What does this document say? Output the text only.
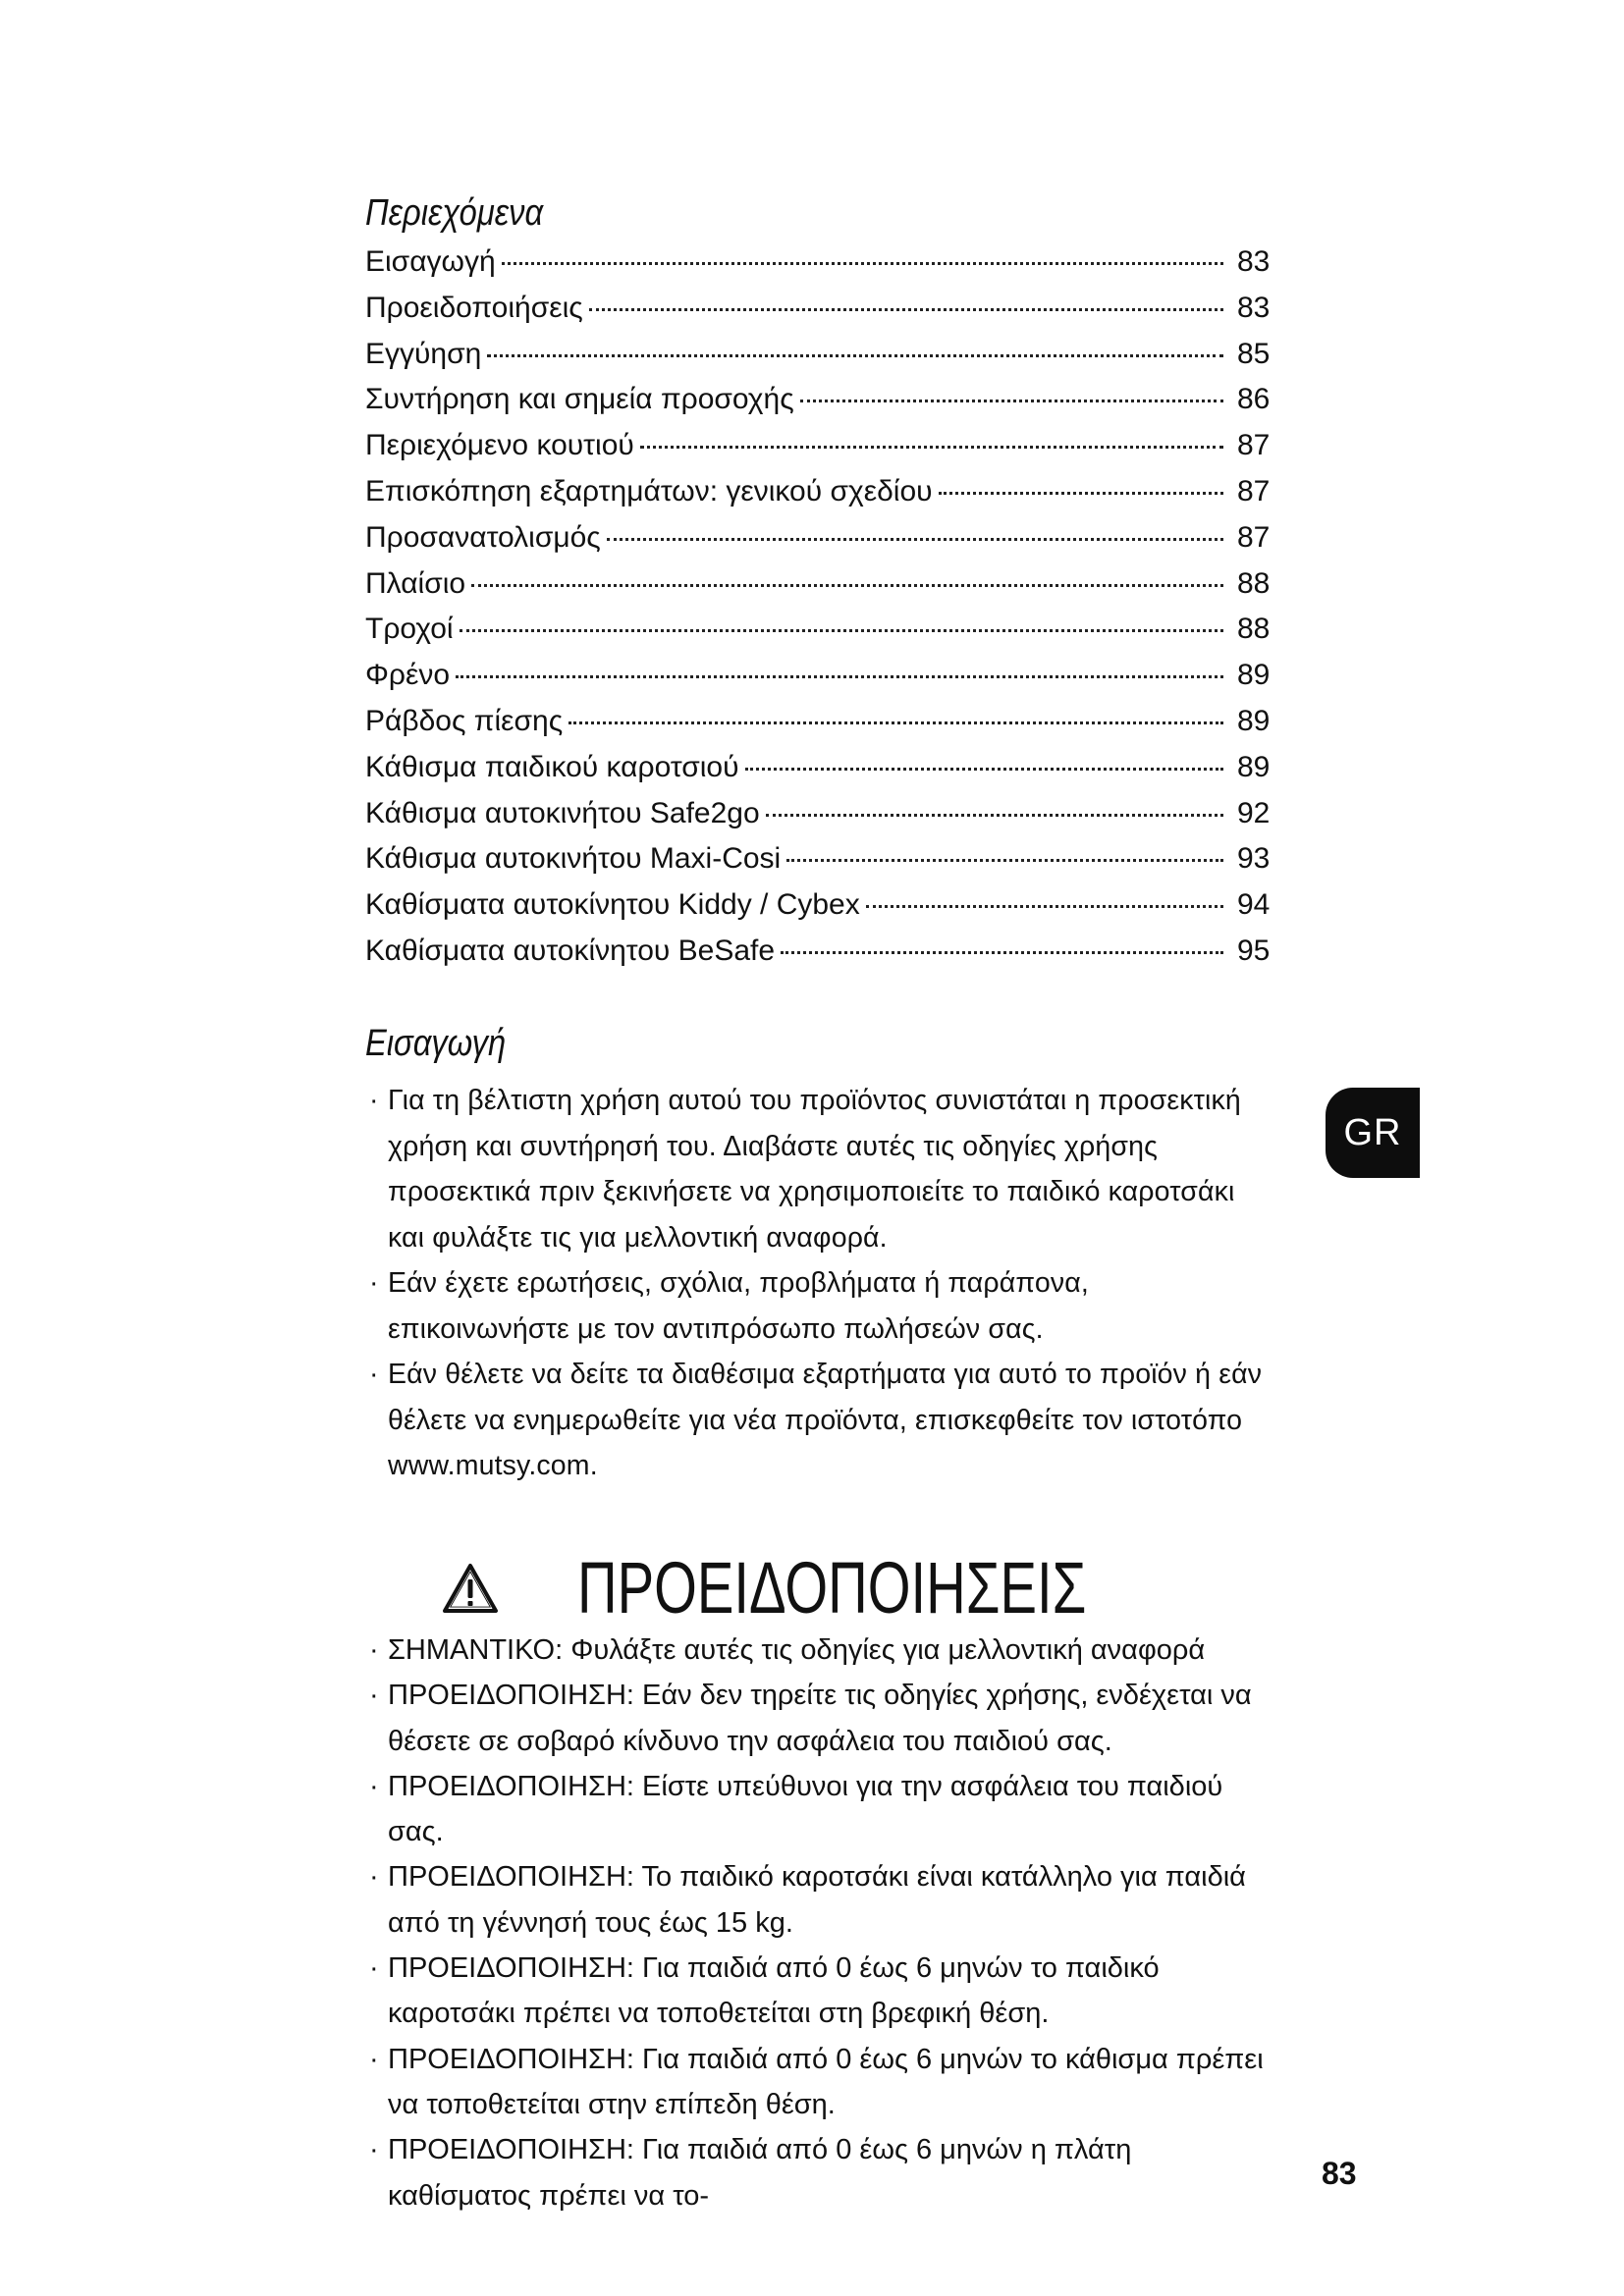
Περιεχόμενα
Εισαγωγή	83
Προειδοποιήσεις	83
Εγγύηση	85
Συντήρηση και σημεία προσοχής	86
Περιεχόμενο κουτιού	87
Επισκόπηση εξαρτημάτων: γενικού σχεδίου	87
Προσανατολισμός	87
Πλαίσιο	88
Τροχοί	88
Φρένο	89
Ράβδος πίεσης	89
Κάθισμα παιδικού καροτσιού	89
Κάθισμα αυτοκινήτου Safe2go	92
Κάθισμα αυτοκινήτου Maxi-Cosi	93
Καθίσματα αυτοκίνητου Kiddy / Cybex	94
Καθίσματα αυτοκίνητου BeSafe	95
Εισαγωγή
· Για τη βέλτιστη χρήση αυτού του προϊόντος συνιστάται η προσεκτική χρήση και συντήρησή του. Διαβάστε αυτές τις οδηγίες χρήσης προσεκτικά πριν ξεκινήσετε να χρησιμοποιείτε το παιδικό καροτσάκι και φυλάξτε τις για μελλοντική αναφορά.
· Εάν έχετε ερωτήσεις, σχόλια, προβλήματα ή παράπονα, επικοινωνήστε με τον αντιπρόσωπο πωλήσεών σας.
· Εάν θέλετε να δείτε τα διαθέσιμα εξαρτήματα για αυτό το προϊόν ή εάν θέλετε να ενημερωθείτε για νέα προϊόντα, επισκεφθείτε τον ιστοτόπο www.mutsy.com.
ΠΡΟΕΙΔΟΠΟΙΗΣΕΙΣ
· ΣΗΜΑΝΤΙΚΟ: Φυλάξτε αυτές τις οδηγίες για μελλοντική αναφορά
· ΠΡΟΕΙΔΟΠΟΙΗΣΗ: Εάν δεν τηρείτε τις οδηγίες χρήσης, ενδέχεται να θέσετε σε σοβαρό κίνδυνο την ασφάλεια του παιδιού σας.
· ΠΡΟΕΙΔΟΠΟΙΗΣΗ: Είστε υπεύθυνοι για την ασφάλεια του παιδιού σας.
· ΠΡΟΕΙΔΟΠΟΙΗΣΗ: Το παιδικό καροτσάκι είναι κατάλληλο για παιδιά από τη γέννησή τους έως 15 kg.
· ΠΡΟΕΙΔΟΠΟΙΗΣΗ: Για παιδιά από 0 έως 6 μηνών το παιδικό καροτσάκι πρέπει να τοποθετείται στη βρεφική θέση.
· ΠΡΟΕΙΔΟΠΟΙΗΣΗ: Για παιδιά από 0 έως 6 μηνών το κάθισμα πρέπει να τοποθετείται στην επίπεδη θέση.
· ΠΡΟΕΙΔΟΠΟΙΗΣΗ: Για παιδιά από 0 έως 6 μηνών η πλάτη καθίσματος πρέπει να το-
GR
83
